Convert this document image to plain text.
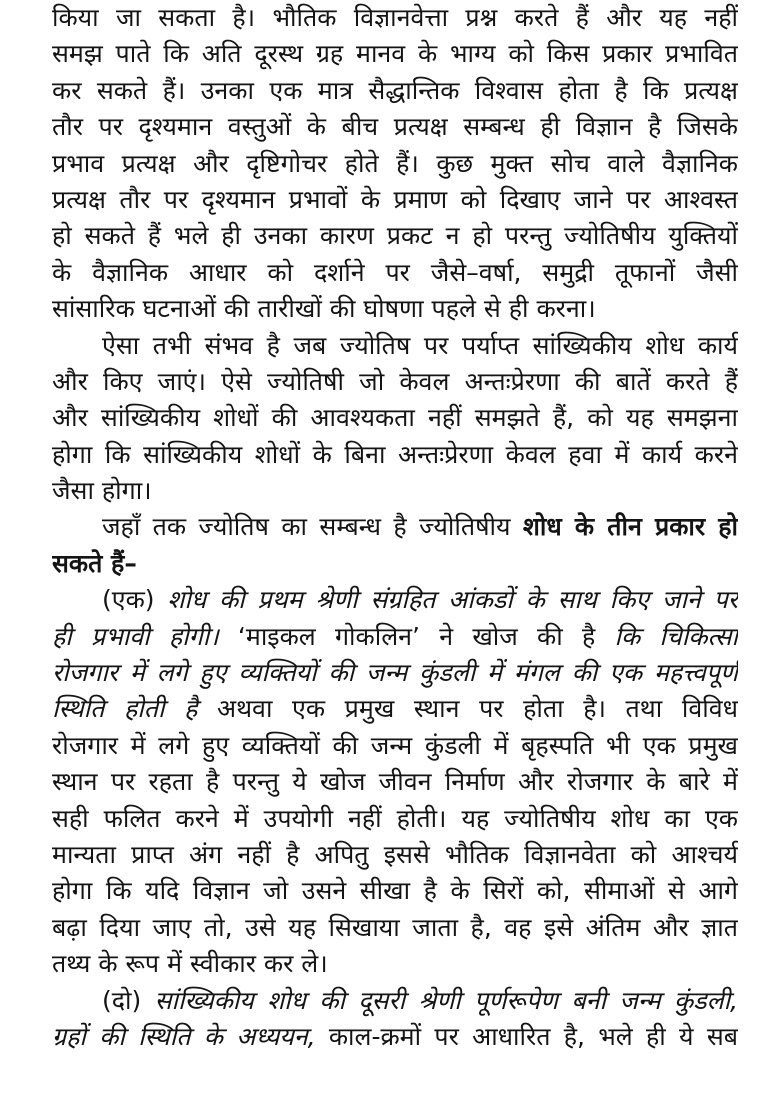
किया जा सकता है। भौतिक विज्ञानवेत्ता प्रश्न करते हैं और यह नहीं
समझ पाते कि अति दूरस्थ ग्रह मानव के भाग्य को किस प्रकार प्रभावित
कर सकते हैं। उनका एक मात्र सैद्धान्तिक विश्वास होता है कि प्रत्यक्ष
तौर पर दृश्यमान वस्तुओं के बीच प्रत्यक्ष सम्बन्ध ही विज्ञान है जिसके
प्रभाव प्रत्यक्ष और दृष्टिगोचर होते हैं। कुछ मुक्त सोच वाले वैज्ञानिक
प्रत्यक्ष तौर पर दृश्यमान प्रभावों के प्रमाण को दिखाए जाने पर आश्वस्त
हो सकते हैं भले ही उनका कारण प्रकट न हो परन्तु ज्योतिषीय युक्तियों
के वैज्ञानिक आधार को दर्शाने पर जैसे–वर्षा, समुद्री तूफानों जैसी
सांसारिक घटनाओं की तारीखों की घोषणा पहले से ही करना।
ऐसा तभी संभव है जब ज्योतिष पर पर्याप्त सांख्यिकीय शोध कार्य
और किए जाएं। ऐसे ज्योतिषी जो केवल अन्तःप्रेरणा की बातें करते हैं
और सांख्यिकीय शोधों की आवश्यकता नहीं समझते हैं, को यह समझना
होगा कि सांख्यिकीय शोधों के बिना अन्तःप्रेरणा केवल हवा में कार्य करने
जैसा होगा।
जहाँ तक ज्योतिष का सम्बन्ध है ज्योतिषीय शोध के तीन प्रकार हो
सकते हैं–
(एक) शोध की प्रथम श्रेणी संग्रहित आंकडों के साथ किए जाने पर
ही प्रभावी होगी। ‘माइकल गोकलिन’ ने खोज की है कि चिकित्सा
रोजगार में लगे हुए व्यक्तियों की जन्म कुंडली में मंगल की एक महत्त्वपूर्ण
स्थिति होती है अथवा एक प्रमुख स्थान पर होता है। तथा विविध
रोजगार में लगे हुए व्यक्तियों की जन्म कुंडली में बृहस्पति भी एक प्रमुख
स्थान पर रहता है परन्तु ये खोज जीवन निर्माण और रोजगार के बारे में
सही फलित करने में उपयोगी नहीं होती। यह ज्योतिषीय शोध का एक
मान्यता प्राप्त अंग नहीं है अपितु इससे भौतिक विज्ञानवेता को आश्चर्य
होगा कि यदि विज्ञान जो उसने सीखा है के सिरों को, सीमाओं से आगे
बढ़ा दिया जाए तो, उसे यह सिखाया जाता है, वह इसे अंतिम और ज्ञात
तथ्य के रूप में स्वीकार कर ले।
(दो) सांख्यिकीय शोध की दूसरी श्रेणी पूर्णरूपेण बनी जन्म कुंडली,
ग्रहों की स्थिति के अध्ययन, काल-क्रमों पर आधारित है, भले ही ये सब
